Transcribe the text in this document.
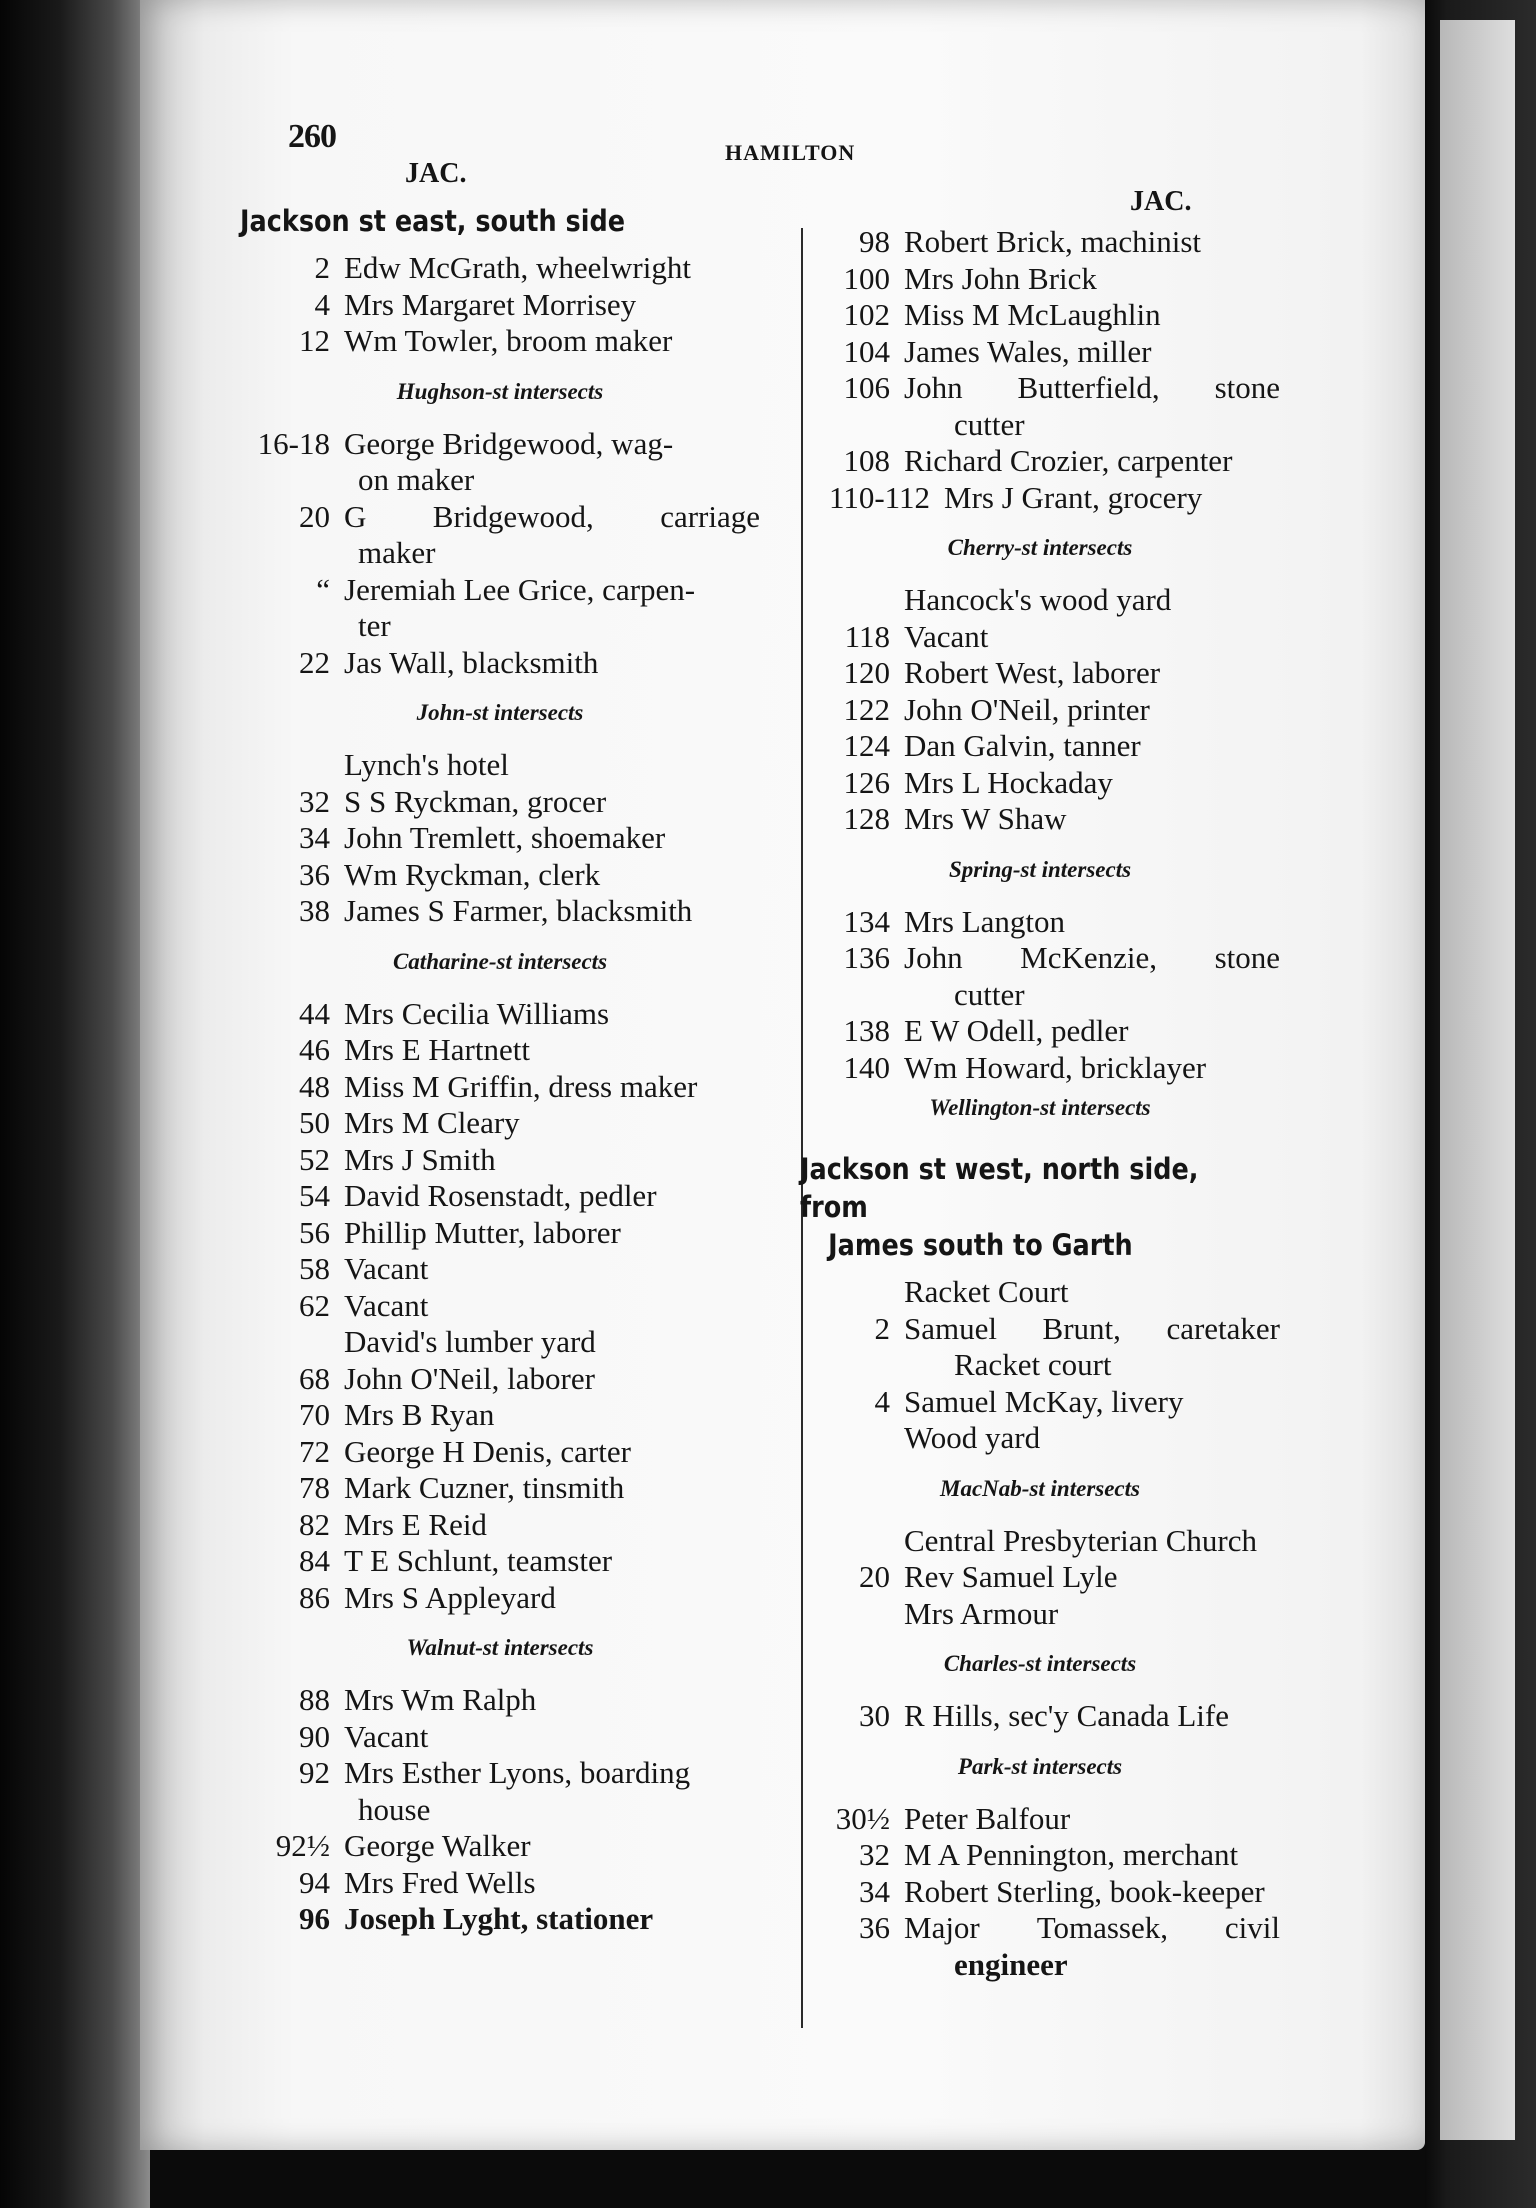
260	HAMILTON
JAC.
JAC.
Jackson st east, south side
2 Edw McGrath, wheelwright
4 Mrs Margaret Morrisey
12 Wm Towler, broom maker
Hughson-st intersects
16-18 George Bridgewood, wag-
on maker
20 G Bridgewood, carriage
maker
“ Jeremiah Lee Grice, carpen-
ter
22 Jas Wall, blacksmith
John-st intersects
Lynch's hotel
32 S S Ryckman, grocer
34 John Tremlett, shoemaker
36 Wm Ryckman, clerk
38 James S Farmer, blacksmith
Catharine-st intersects
44 Mrs Cecilia Williams
46 Mrs E Hartnett
48 Miss M Griffin, dress maker
50 Mrs M Cleary
52 Mrs J Smith
54 David Rosenstadt, pedler
56 Phillip Mutter, laborer
58 Vacant
62 Vacant
David's lumber yard
68 John O'Neil, laborer
70 Mrs B Ryan
72 George H Denis, carter
78 Mark Cuzner, tinsmith
82 Mrs E Reid
84 T E Schlunt, teamster
86 Mrs S Appleyard
Walnut-st intersects
88 Mrs Wm Ralph
90 Vacant
92 Mrs Esther Lyons, boarding
house
92½ George Walker
94 Mrs Fred Wells
96 Joseph Lyght, stationer
98 Robert Brick, machinist
100 Mrs John Brick
102 Miss M McLaughlin
104 James Wales, miller
106 John Butterfield, stone
cutter
108 Richard Crozier, carpenter
110-112 Mrs J Grant, grocery
Cherry-st intersects
Hancock's wood yard
118 Vacant
120 Robert West, laborer
122 John O'Neil, printer
124 Dan Galvin, tanner
126 Mrs L Hockaday
128 Mrs W Shaw
Spring-st intersects
134 Mrs Langton
136 John McKenzie, stone
cutter
138 E W Odell, pedler
140 Wm Howard, bricklayer
Wellington-st intersects
Jackson st west, north side, from
James south to Garth
Racket Court
2 Samuel Brunt, caretaker
Racket court
4 Samuel McKay, livery
Wood yard
MacNab-st intersects
Central Presbyterian Church
20 Rev Samuel Lyle
Mrs Armour
Charles-st intersects
30 R Hills, sec'y Canada Life
Park-st intersects
30½ Peter Balfour
32 M A Pennington, merchant
34 Robert Sterling, book-keeper
36 Major Tomassek, civil
engineer
